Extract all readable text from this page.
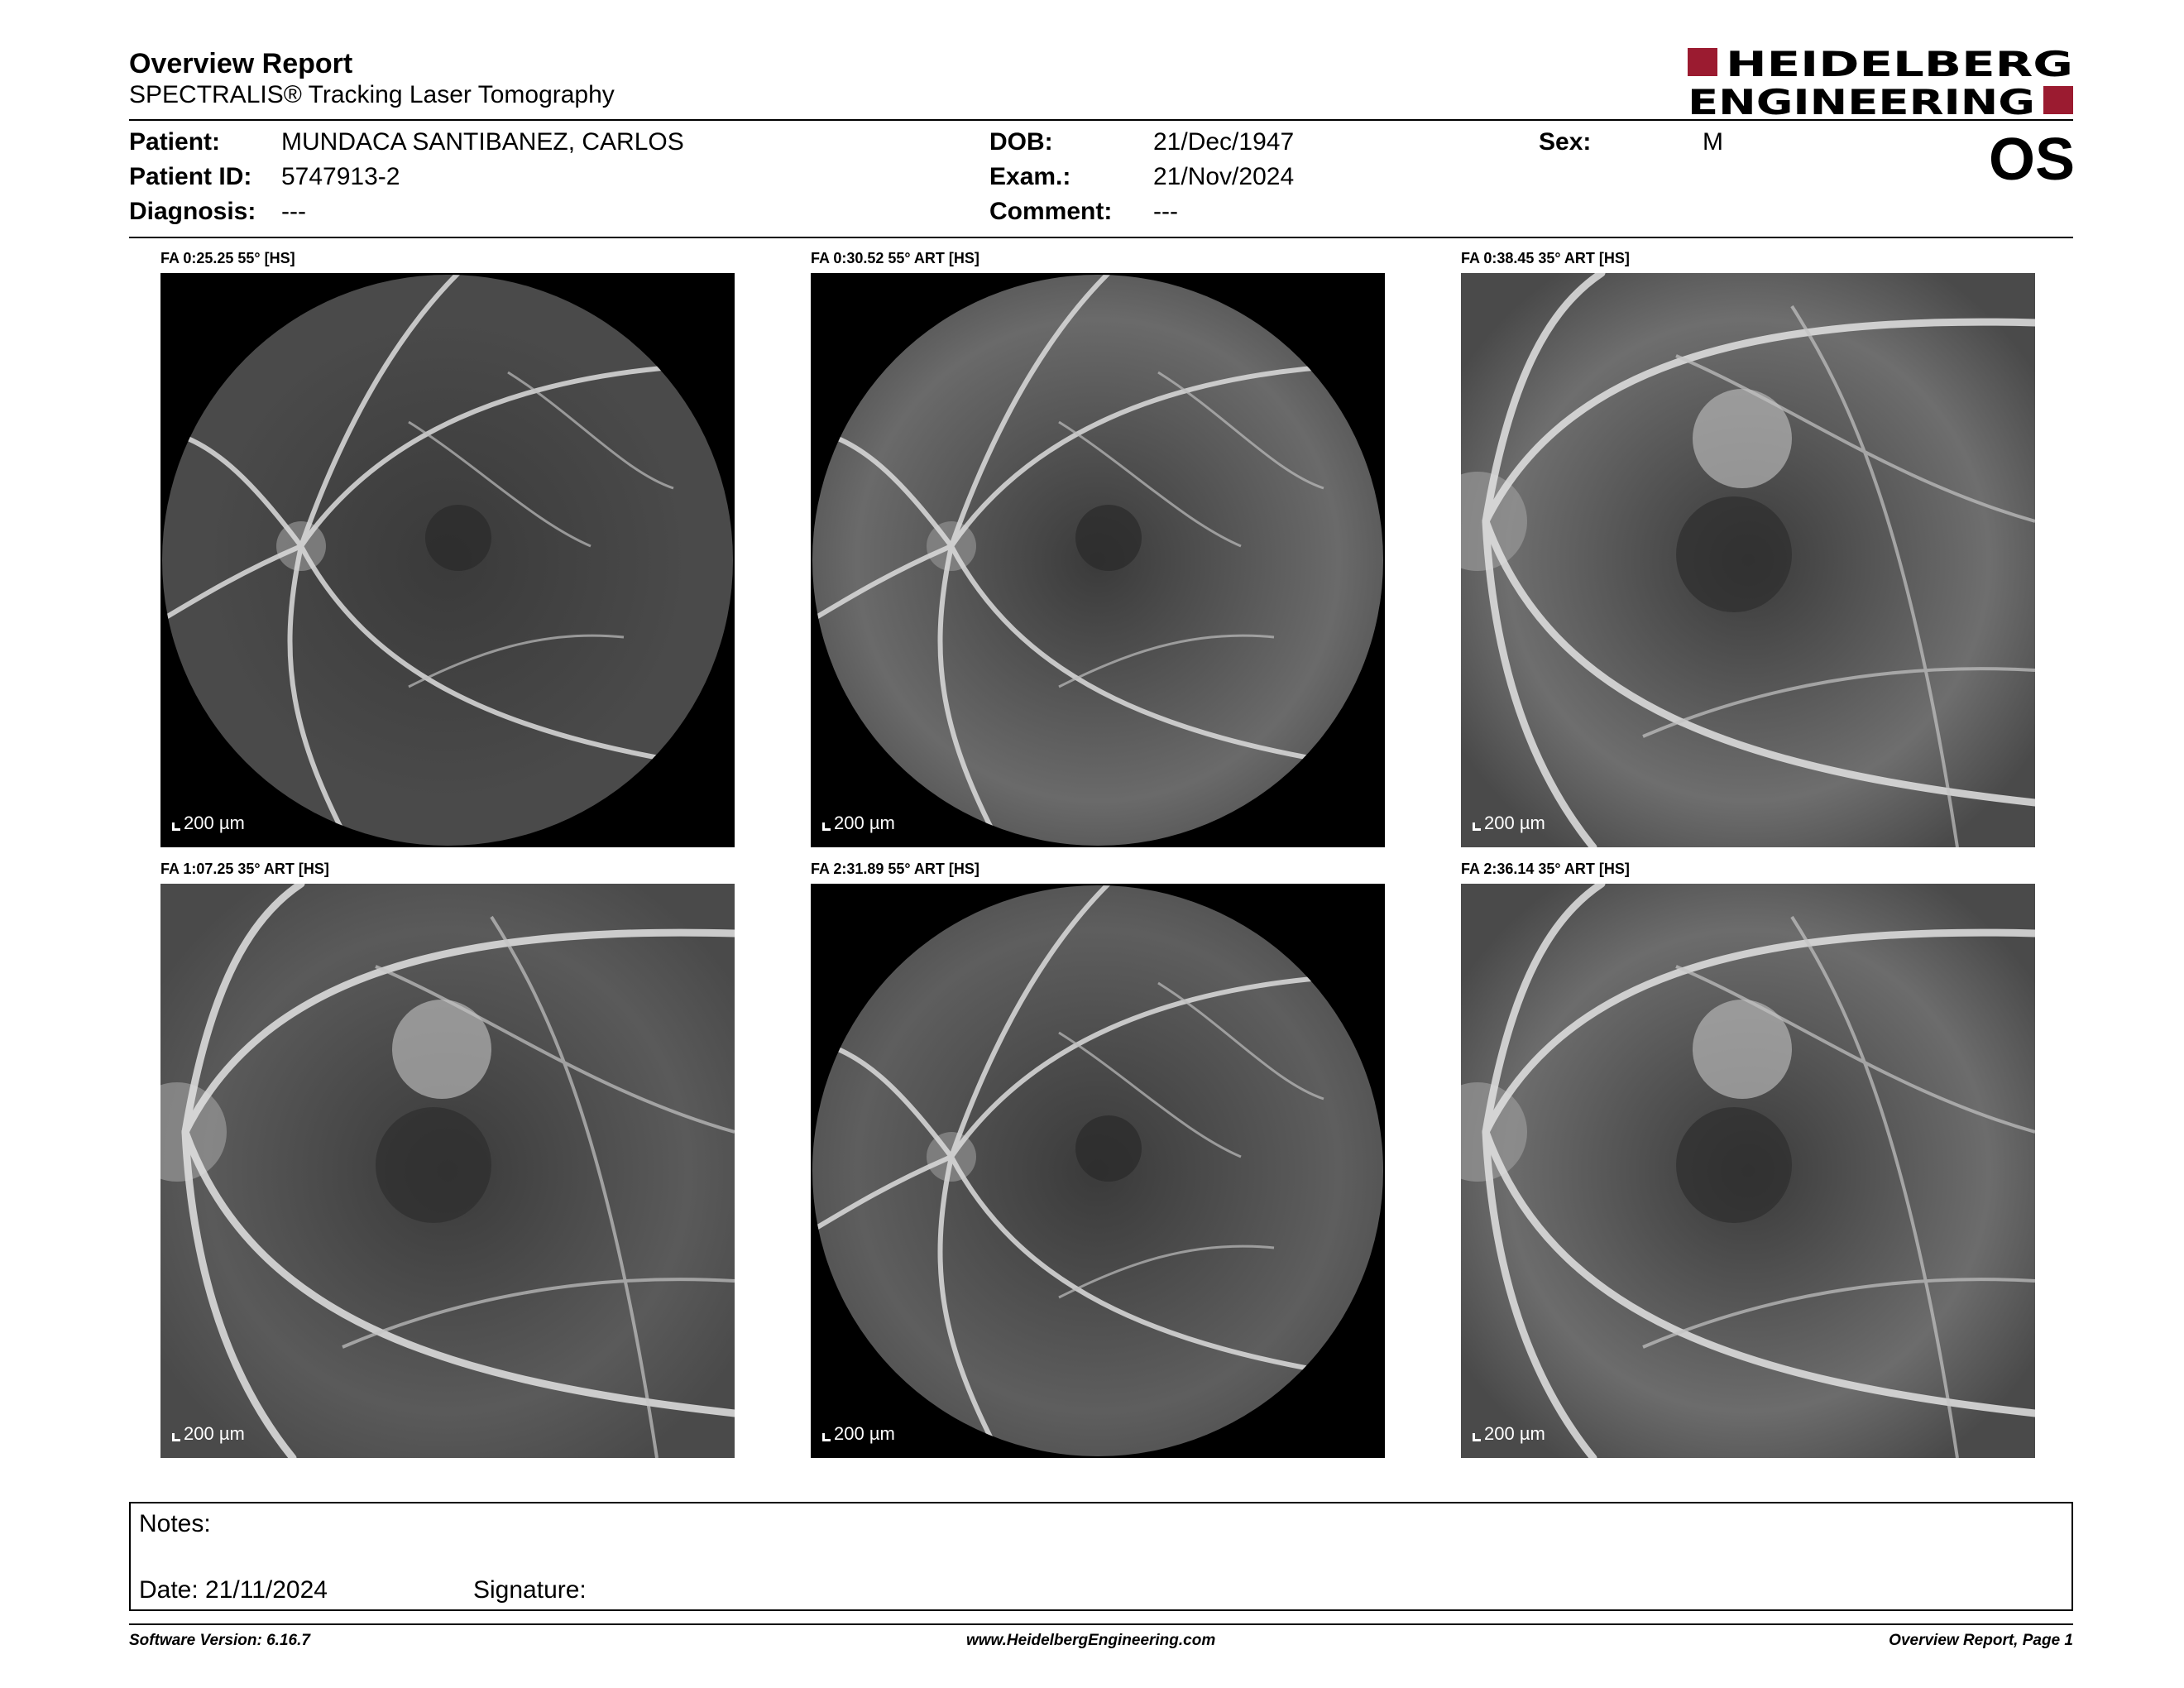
Overview Report
SPECTRALIS® Tracking Laser Tomography
HEIDELBERG
ENGINEERING
Patient: MUNDACA SANTIBANEZ, CARLOS
Patient ID: 5747913-2
Diagnosis: ---
DOB:	21/Dec/1947
Exam.:	21/Nov/2024
Comment: ---
Sex:	M	OS
FA 0:25.25 55° [HS]
200 µm
FA 0:30.52 55° ART [HS]
200 µm
FA 0:38.45 35° ART [HS]
200 µm
FA 1:07.25 35° ART [HS]
200 µm
FA 2:31.89 55° ART [HS]
200 µm
FA 2:36.14 35° ART [HS]
200 µm
Notes:
Date: 21/11/2024	Signature:
Software Version: 6.16.7	www.HeidelbergEngineering.com	Overview Report, Page 1
